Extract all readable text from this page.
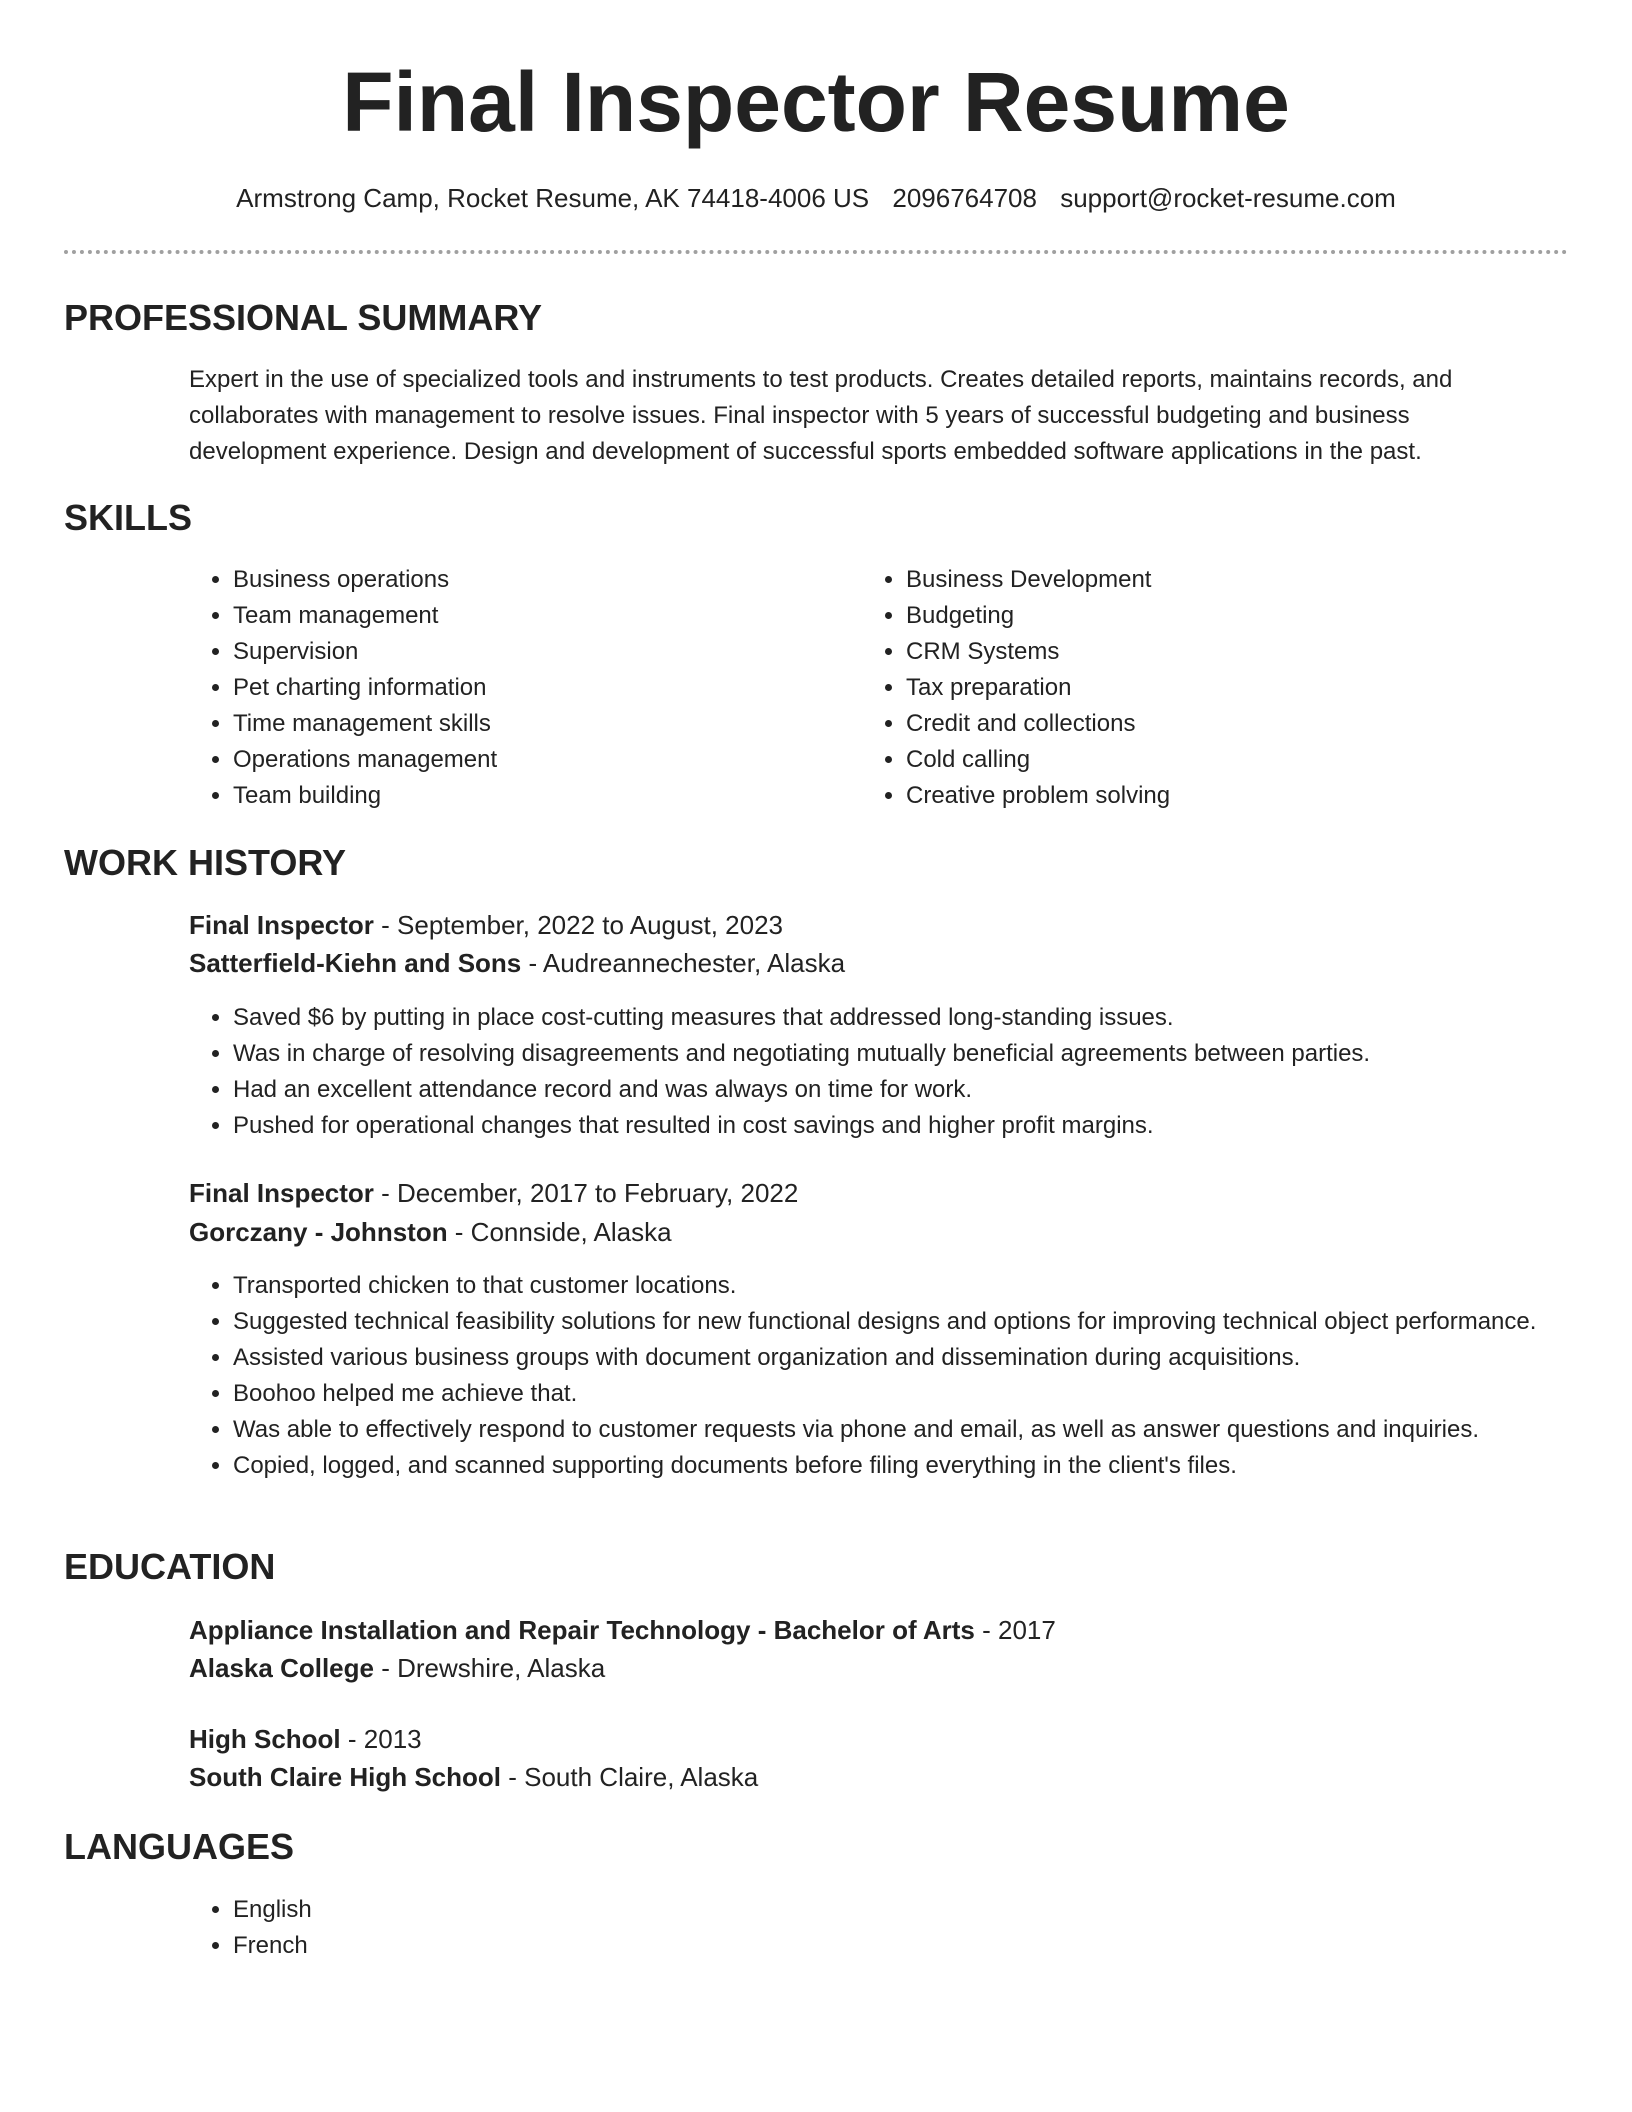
Final Inspector Resume
Armstrong Camp, Rocket Resume, AK 74418-4006 US 2096764708 support@rocket-resume.com
PROFESSIONAL SUMMARY

Expert in the use of specialized tools and instruments to test products. Creates detailed reports, maintains records, and collaborates with management to resolve issues. Final inspector with 5 years of successful budgeting and business development experience. Design and development of successful sports embedded software applications in the past.

SKILLS
• Business operations
• Team management
• Supervision
• Pet charting information
• Time management skills
• Operations management
• Team building
• Business Development
• Budgeting
• CRM Systems
• Tax preparation
• Credit and collections
• Cold calling
• Creative problem solving
WORK HISTORY
Final Inspector - September, 2022 to August, 2023
Satterfield-Kiehn and Sons - Audreannechester, Alaska
• Saved $6 by putting in place cost-cutting measures that addressed long-standing issues.
• Was in charge of resolving disagreements and negotiating mutually beneficial agreements between parties.
• Had an excellent attendance record and was always on time for work.
• Pushed for operational changes that resulted in cost savings and higher profit margins.
Final Inspector - December, 2017 to February, 2022
Gorczany - Johnston - Connside, Alaska
• Transported chicken to that customer locations.
• Suggested technical feasibility solutions for new functional designs and options for improving technical object performance.
• Assisted various business groups with document organization and dissemination during acquisitions.
• Boohoo helped me achieve that.
• Was able to effectively respond to customer requests via phone and email, as well as answer questions and inquiries.
• Copied, logged, and scanned supporting documents before filing everything in the client's files.
EDUCATION
Appliance Installation and Repair Technology - Bachelor of Arts - 2017
Alaska College - Drewshire, Alaska
High School - 2013
South Claire High School - South Claire, Alaska
LANGUAGES
• English
• French
